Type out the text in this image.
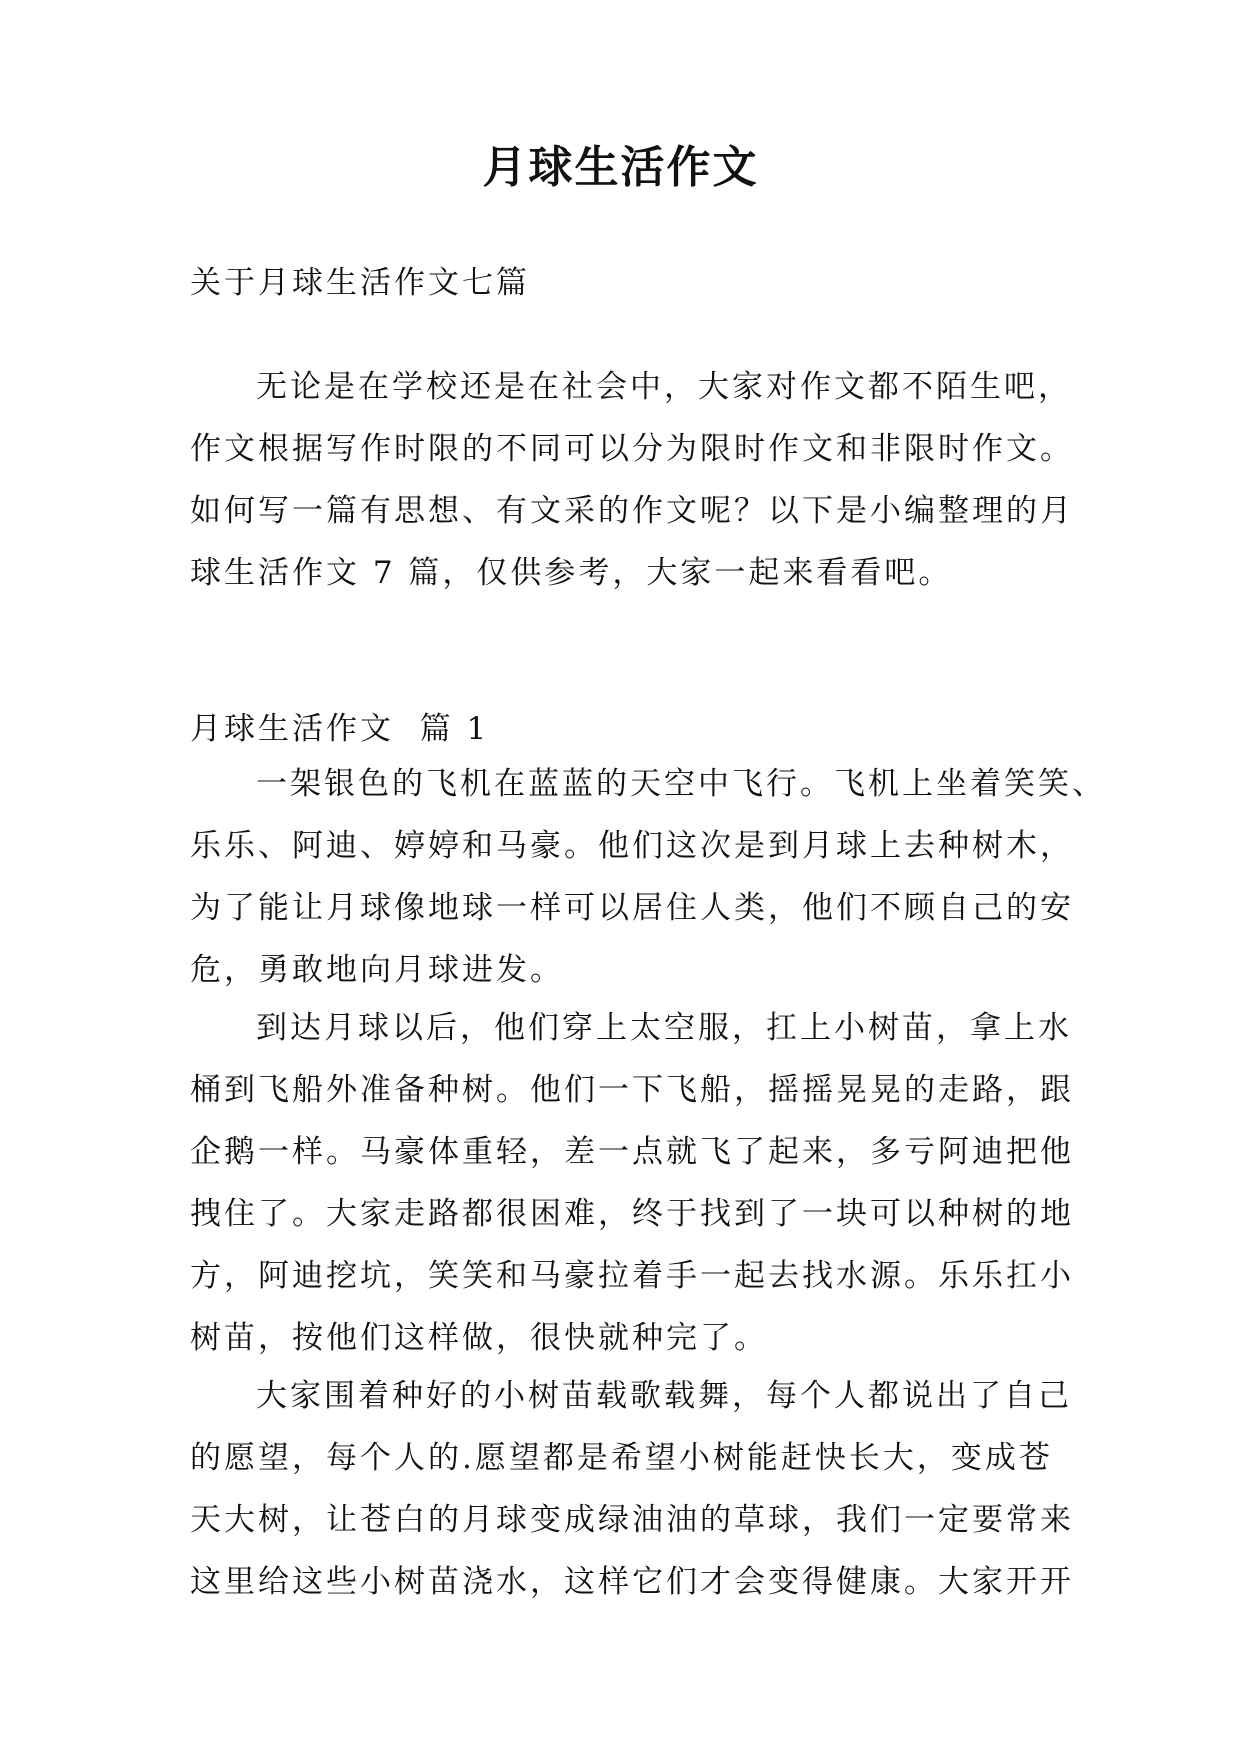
月球生活作文
关于月球生活作文七篇
无论是在学校还是在社会中，大家对作文都不陌生吧，
作文根据写作时限的不同可以分为限时作文和非限时作文。
如何写一篇有思想、有文采的作文呢？以下是小编整理的月
球生活作文 7 篇，仅供参考，大家一起来看看吧。
月球生活作文  篇 1
一架银色的飞机在蓝蓝的天空中飞行。飞机上坐着笑笑、
乐乐、阿迪、婷婷和马豪。他们这次是到月球上去种树木，
为了能让月球像地球一样可以居住人类，他们不顾自己的安
危，勇敢地向月球进发。
到达月球以后，他们穿上太空服，扛上小树苗，拿上水
桶到飞船外准备种树。他们一下飞船，摇摇晃晃的走路，跟
企鹅一样。马豪体重轻，差一点就飞了起来，多亏阿迪把他
拽住了。大家走路都很困难，终于找到了一块可以种树的地
方，阿迪挖坑，笑笑和马豪拉着手一起去找水源。乐乐扛小
树苗，按他们这样做，很快就种完了。
大家围着种好的小树苗载歌载舞，每个人都说出了自己
的愿望，每个人的.愿望都是希望小树能赶快长大，变成苍
天大树，让苍白的月球变成绿油油的草球，我们一定要常来
这里给这些小树苗浇水，这样它们才会变得健康。大家开开
